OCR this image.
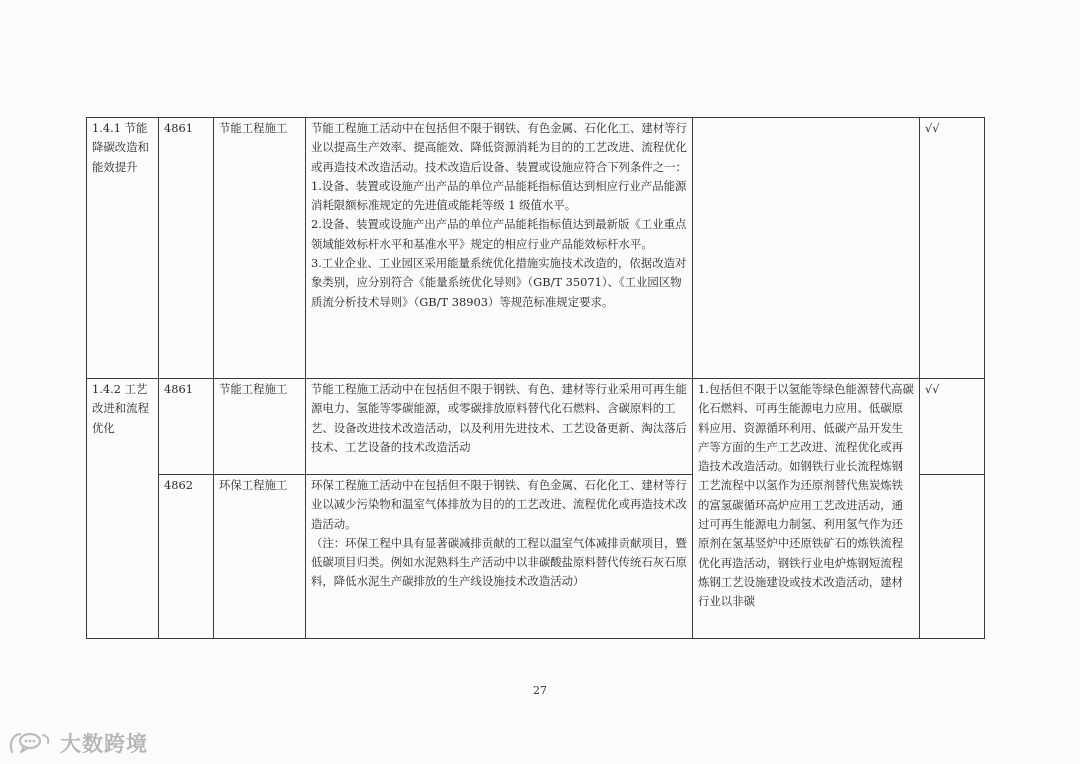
1.4.1 节能降碳改造和能效提升	4861	节能工程施工	节能工程施工活动中在包括但不限于钢铁、有色金属、石化化工、建材等行业以提高生产效率、提高能效、降低资源消耗为目的的工艺改进、流程优化或再造技术改造活动。技术改造后设备、装置或设施应符合下列条件之一：
1.设备、装置或设施产出产品的单位产品能耗指标值达到相应行业产品能源消耗限额标准规定的先进值或能耗等级 1 级值水平。
2.设备、装置或设施产出产品的单位产品能耗指标值达到最新版《工业重点领域能效标杆水平和基准水平》规定的相应行业产品能效标杆水平。
3.工业企业、工业园区采用能量系统优化措施实施技术改造的，依据改造对象类别，应分别符合《能量系统优化导则》（GB/T 35071）、《工业园区物质流分析技术导则》（GB/T 38903）等规范标准规定要求。		√√
1.4.2 工艺改进和流程优化	4861	节能工程施工	节能工程施工活动中在包括但不限于钢铁、有色、建材等行业采用可再生能源电力、氢能等零碳能源，或零碳排放原料替代化石燃料、含碳原料的工艺、设备改进技术改造活动，以及利用先进技术、工艺设备更新、淘汰落后技术、工艺设备的技术改造活动	1.包括但不限于以氢能等绿色能源替代高碳化石燃料、可再生能源电力应用、低碳原料应用、资源循环利用、低碳产品开发生产等方面的生产工艺改进、流程优化或再造技术改造活动。如钢铁行业长流程炼钢工艺流程中以氢作为还原剂替代焦炭炼铁的富氢碳循环高炉应用工艺改进活动，通过可再生能源电力制氢、利用氢气作为还原剂在氢基竖炉中还原铁矿石的炼铁流程优化再造活动，钢铁行业电炉炼钢短流程炼钢工艺设施建设或技术改造活动，建材行业以非碳	√√
	4862	环保工程施工	环保工程施工活动中在包括但不限于钢铁、有色金属、石化化工、建材等行业以减少污染物和温室气体排放为目的的工艺改进、流程优化或再造技术改造活动。
（注：环保工程中具有显著碳减排贡献的工程以温室气体减排贡献项目，暨低碳项目归类。例如水泥熟料生产活动中以非碳酸盐原料替代传统石灰石原料，降低水泥生产碳排放的生产线设施技术改造活动）		

27
大数跨境
